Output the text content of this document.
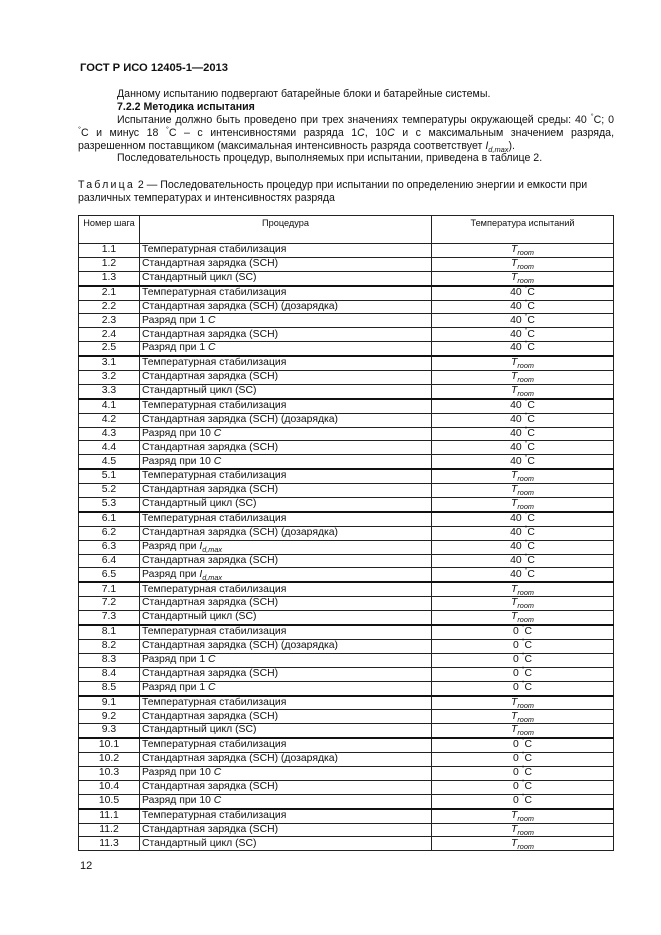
ГОСТ Р ИСО 12405-1—2013
Данному испытанию подвергают батарейные блоки и батарейные системы.
7.2.2 Методика испытания
Испытание должно быть проведено при трех значениях температуры окружающей среды: 40 °С; 0 °С и минус 18 °С – с интенсивностями разряда 1C, 10C и с максимальным значением разряда, разрешенном поставщиком (максимальная интенсивность разряда соответствует $I_{d,max}$).
Последовательность процедур, выполняемых при испытании, приведена в таблице 2.
Таблица 2 — Последовательность процедур при испытании по определению энергии и емкости при различных температурах и интенсивностях разряда
Номер шага	Процедура	Температура испытаний
1.1	Температурная стабилизация	$T_{room}$
1.2	Стандартная зарядка (SCH)	$T_{room}$
1.3	Стандартный цикл (SC)	$T_{room}$
2.1	Температурная стабилизация	40 °С
2.2	Стандартная зарядка (SCH) (дозарядка)	40 °С
2.3	Разряд при 1 C	40 °С
2.4	Стандартная зарядка (SCH)	40 °С
2.5	Разряд при 1 C	40 °С
3.1	Температурная стабилизация	$T_{room}$
3.2	Стандартная зарядка (SCH)	$T_{room}$
3.3	Стандартный цикл (SC)	$T_{room}$
4.1	Температурная стабилизация	40 °С
4.2	Стандартная зарядка (SCH) (дозарядка)	40 °С
4.3	Разряд при 10 C	40 °С
4.4	Стандартная зарядка (SCH)	40 °С
4.5	Разряд при 10 C	40 °С
5.1	Температурная стабилизация	$T_{room}$
5.2	Стандартная зарядка (SCH)	$T_{room}$
5.3	Стандартный цикл (SC)	$T_{room}$
6.1	Температурная стабилизация	40 °С
6.2	Стандартная зарядка (SCH) (дозарядка)	40 °С
6.3	Разряд при $I_{d,max}$	40 °С
6.4	Стандартная зарядка (SCH)	40 °С
6.5	Разряд при $I_{d,max}$	40 °С
7.1	Температурная стабилизация	$T_{room}$
7.2	Стандартная зарядка (SCH)	$T_{room}$
7.3	Стандартный цикл (SC)	$T_{room}$
8.1	Температурная стабилизация	0 °С
8.2	Стандартная зарядка (SCH) (дозарядка)	0 °С
8.3	Разряд при 1 C	0 °С
8.4	Стандартная зарядка (SCH)	0 °С
8.5	Разряд при 1 C	0 °С
9.1	Температурная стабилизация	$T_{room}$
9.2	Стандартная зарядка (SCH)	$T_{room}$
9.3	Стандартный цикл (SC)	$T_{room}$
10.1	Температурная стабилизация	0 °С
10.2	Стандартная зарядка (SCH) (дозарядка)	0 °С
10.3	Разряд при 10 C	0 °С
10.4	Стандартная зарядка (SCH)	0 °С
10.5	Разряд при 10 C	0 °С
11.1	Температурная стабилизация	$T_{room}$
11.2	Стандартная зарядка (SCH)	$T_{room}$
11.3	Стандартный цикл (SC)	$T_{room}$
12
